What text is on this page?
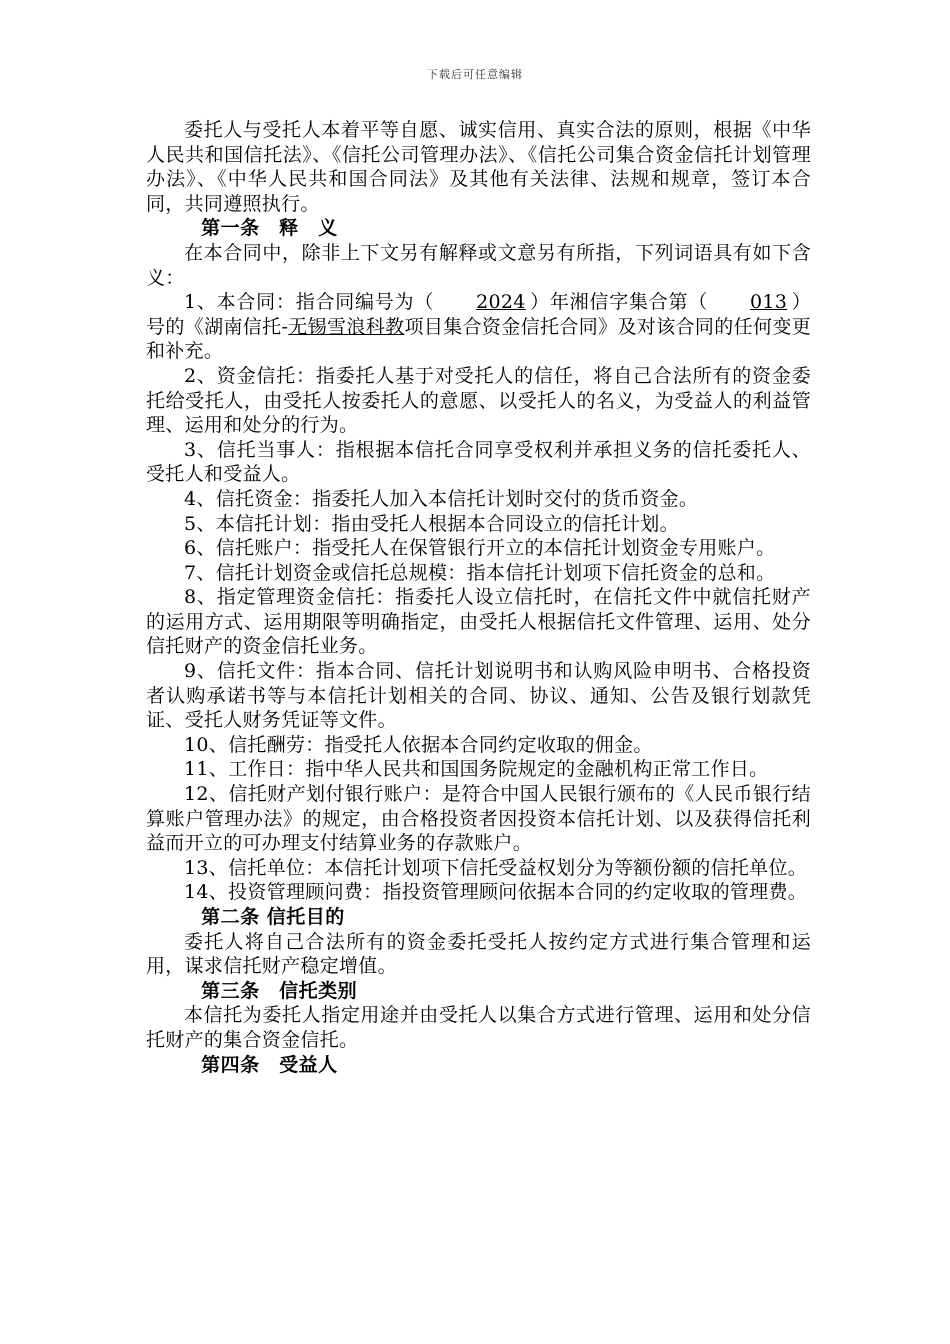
下载后可任意编辑

委托人与受托人本着平等自愿、诚实信用、真实合法的原则，根据《中华人民共和国信托法》、《信托公司管理办法》、《信托公司集合资金信托计划管理办法》、《中华人民共和国合同法》及其他有关法律、法规和规章，签订本合同，共同遵照执行。

第一条　释　义

在本合同中，除非上下文另有解释或文意另有所指，下列词语具有如下含义：

1、本合同：指合同编号为（ 2024 ）年湘信字集合第（ 013 ）号的《湖南信托-无锡雪浪科教项目集合资金信托合同》及对该合同的任何变更和补充。

2、资金信托：指委托人基于对受托人的信任，将自己合法所有的资金委托给受托人，由受托人按委托人的意愿、以受托人的名义，为受益人的利益管理、运用和处分的行为。

3、信托当事人：指根据本信托合同享受权利并承担义务的信托委托人、受托人和受益人。

4、信托资金：指委托人加入本信托计划时交付的货币资金。

5、本信托计划：指由受托人根据本合同设立的信托计划。

6、信托账户：指受托人在保管银行开立的本信托计划资金专用账户。

7、信托计划资金或信托总规模：指本信托计划项下信托资金的总和。

8、指定管理资金信托：指委托人设立信托时，在信托文件中就信托财产的运用方式、运用期限等明确指定，由受托人根据信托文件管理、运用、处分信托财产的资金信托业务。

9、信托文件：指本合同、信托计划说明书和认购风险申明书、合格投资者认购承诺书等与本信托计划相关的合同、协议、通知、公告及银行划款凭证、受托人财务凭证等文件。

10、信托酬劳：指受托人依据本合同约定收取的佣金。

11、工作日：指中华人民共和国国务院规定的金融机构正常工作日。

12、信托财产划付银行账户：是符合中国人民银行颁布的《人民币银行结算账户管理办法》的规定，由合格投资者因投资本信托计划、以及获得信托利益而开立的可办理支付结算业务的存款账户。

13、信托单位：本信托计划项下信托受益权划分为等额份额的信托单位。

14、投资管理顾问费：指投资管理顾问依据本合同的约定收取的管理费。

第二条 信托目的

委托人将自己合法所有的资金委托受托人按约定方式进行集合管理和运用，谋求信托财产稳定增值。

第三条　信托类别

本信托为委托人指定用途并由受托人以集合方式进行管理、运用和处分信托财产的集合资金信托。

第四条　受益人
